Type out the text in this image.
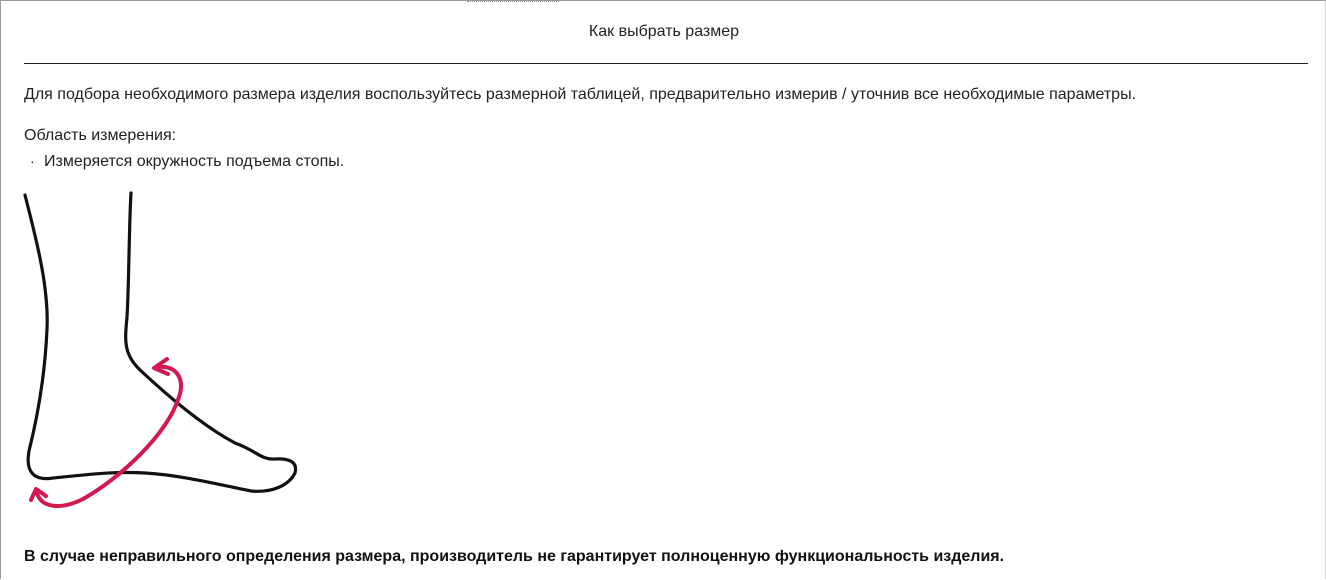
Как выбрать размер
Для подбора необходимого размера изделия воспользуйтесь размерной таблицей, предварительно измерив / уточнив все необходимые параметры.
Область измерения:
· Измеряется окружность подъема стопы.
В случае неправильного определения размера, производитель не гарантирует полноценную функциональность изделия.
